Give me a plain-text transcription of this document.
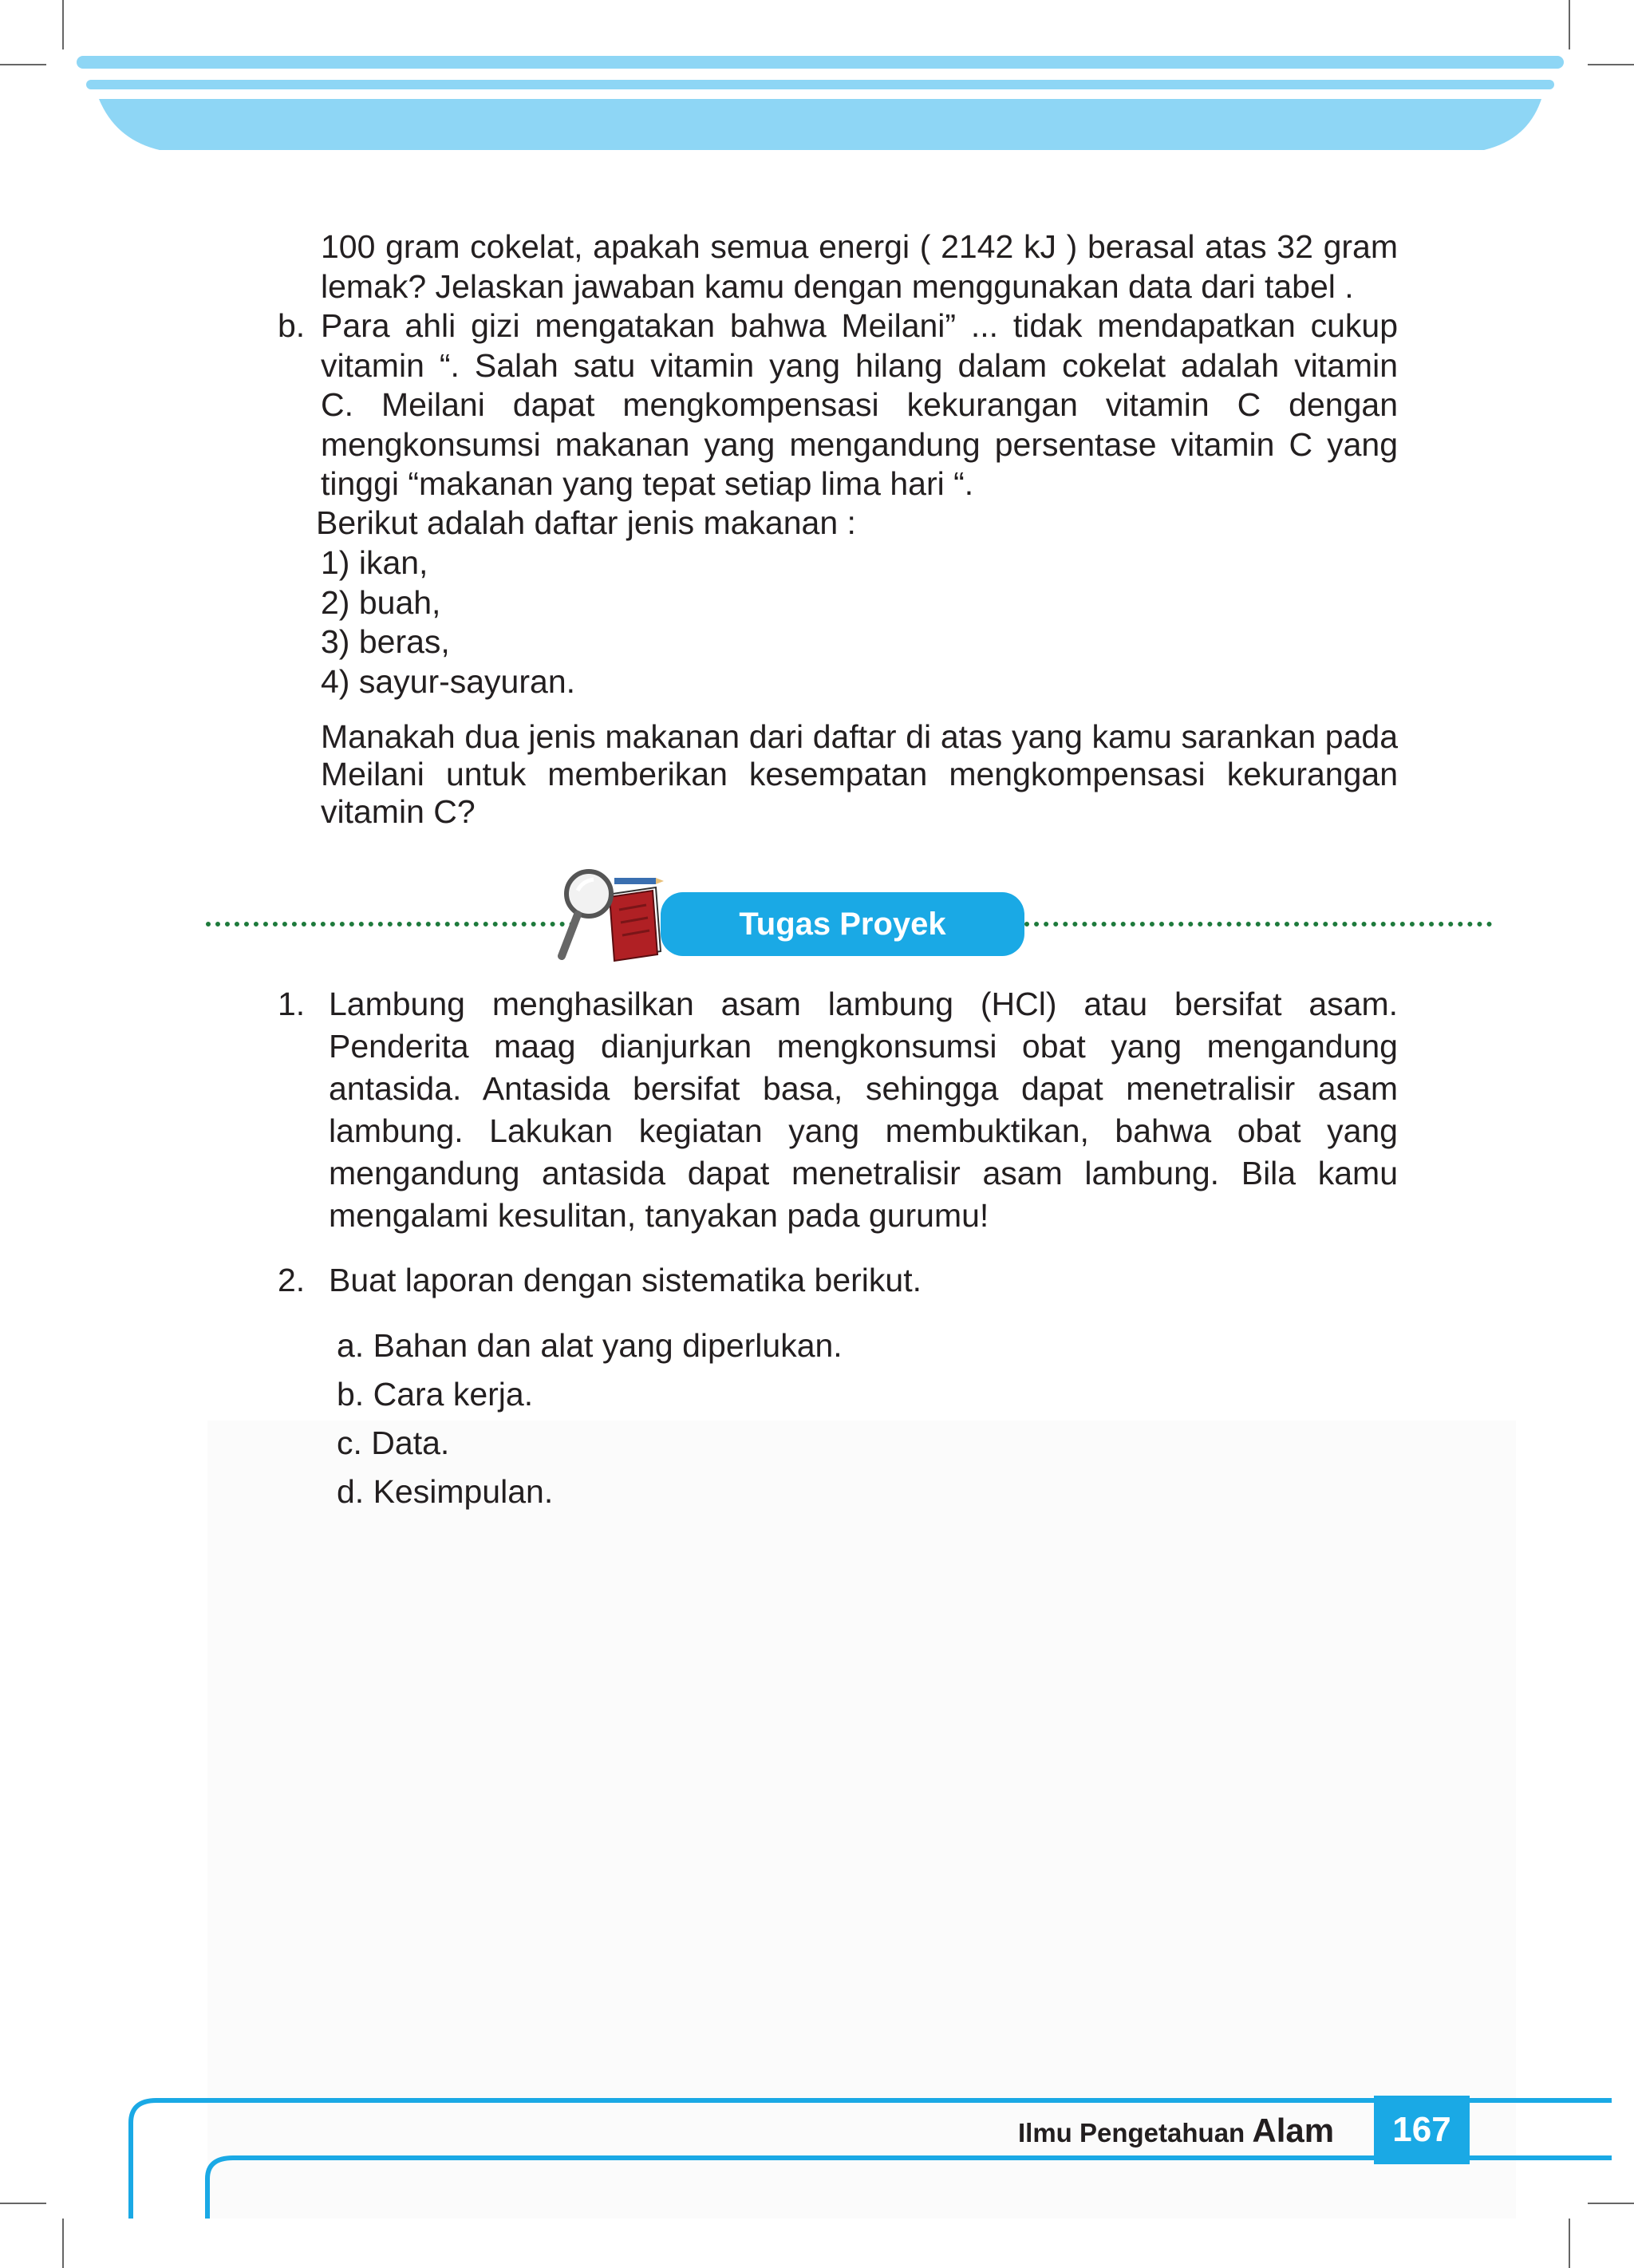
100 gram cokelat, apakah semua energi ( 2142 kJ ) berasal atas 32 gram
lemak? Jelaskan jawaban kamu dengan menggunakan data dari tabel .
b. Para ahli gizi mengatakan bahwa Meilani” ... tidak mendapatkan cukup
vitamin “. Salah satu vitamin yang hilang dalam cokelat adalah vitamin
C. Meilani dapat mengkompensasi kekurangan vitamin C dengan
mengkonsumsi makanan yang mengandung persentase vitamin C yang
tinggi “makanan yang tepat setiap lima hari “.
Berikut adalah daftar jenis makanan :
1) ikan,
2) buah,
3) beras,
4) sayur-sayuran.
Manakah dua jenis makanan dari daftar di atas yang kamu sarankan pada
Meilani untuk memberikan kesempatan mengkompensasi kekurangan
vitamin C?
Tugas Proyek
1. Lambung menghasilkan asam lambung (HCl) atau bersifat asam.
Penderita maag dianjurkan mengkonsumsi obat yang mengandung
antasida. Antasida bersifat basa, sehingga dapat menetralisir asam
lambung. Lakukan kegiatan yang membuktikan, bahwa obat yang
mengandung antasida dapat menetralisir asam lambung. Bila kamu
mengalami kesulitan, tanyakan pada gurumu!
2. Buat laporan dengan sistematika berikut.
a. Bahan dan alat yang diperlukan.
b. Cara kerja.
c. Data.
d. Kesimpulan.
Ilmu Pengetahuan Alam	167
